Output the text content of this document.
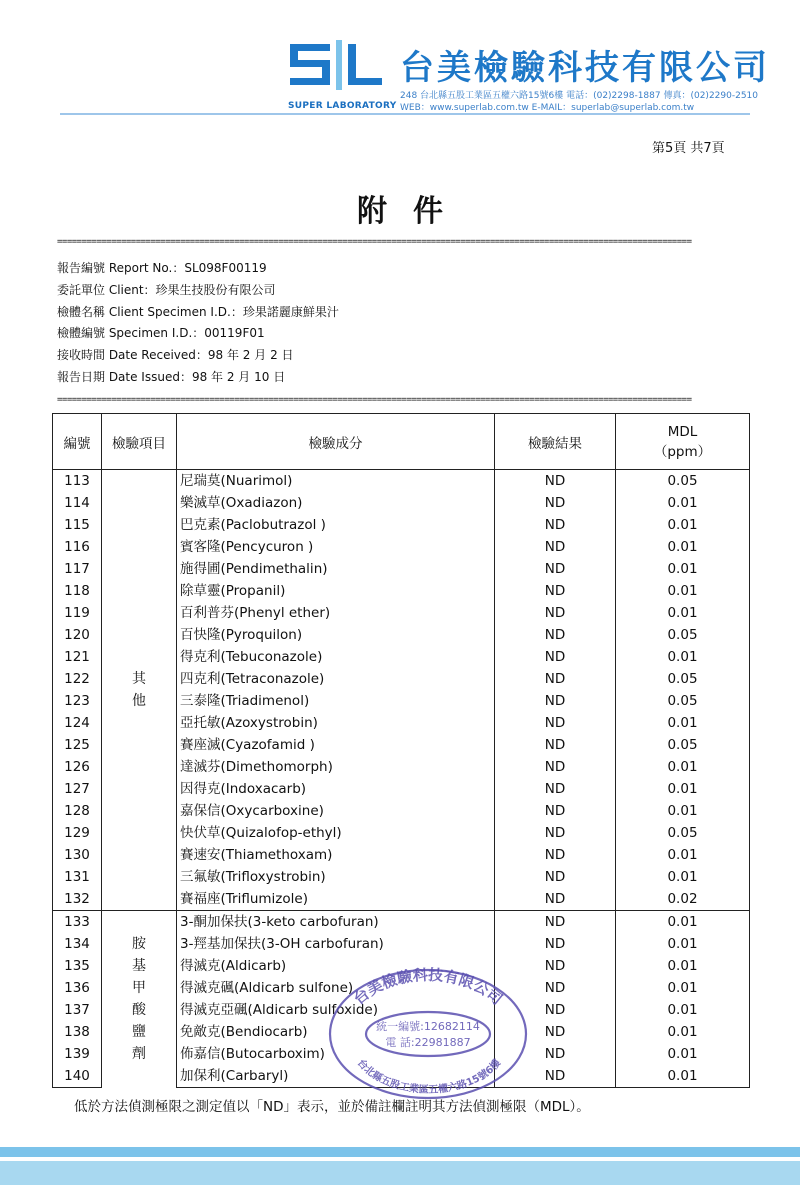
SUPER LABORATORY
台美檢驗科技有限公司
248 台北縣五股工業區五權六路15號6樓 電話：(02)2298-1887 傳真：(02)2290-2510
WEB：www.superlab.com.tw E-MAIL：superlab@superlab.com.tw
第5頁 共7頁
附件
=================================================================================================================================
報告編號 Report No.：SL098F00119
委託單位 Client：珍果生技股份有限公司
檢體名稱 Client Specimen I.D.：珍果諾麗康鮮果汁
檢體編號 Specimen I.D.：00119F01
接收時間 Date Received：98 年 2 月 2 日
報告日期 Date Issued：98 年 2 月 10 日
=================================================================================================================================
編號	檢驗項目	檢驗成分	檢驗結果	MDL
（ppm）

113	其他	尼瑞莫(Nuarimol)	ND	0.05
114		樂滅草(Oxadiazon)	ND	0.01
115		巴克素(Paclobutrazol )	ND	0.01
116		賓客隆(Pencycuron )	ND	0.01
117		施得圃(Pendimethalin)	ND	0.01
118		除草靈(Propanil)	ND	0.01
119		百利普芬(Phenyl ether)	ND	0.01
120		百快隆(Pyroquilon)	ND	0.05
121		得克利(Tebuconazole)	ND	0.01
122		四克利(Tetraconazole)	ND	0.05
123		三泰隆(Triadimenol)	ND	0.05
124		亞托敏(Azoxystrobin)	ND	0.01
125		賽座滅(Cyazofamid )	ND	0.05
126		達滅芬(Dimethomorph)	ND	0.01
127		因得克(Indoxacarb)	ND	0.01
128		嘉保信(Oxycarboxine)	ND	0.01
129		快伏草(Quizalofop-ethyl)	ND	0.05
130		賽速安(Thiamethoxam)	ND	0.01
131		三氟敏(Trifloxystrobin)	ND	0.01
132		賽福座(Triflumizole)	ND	0.02
133	胺基甲酸鹽劑	3-酮加保扶(3-keto carbofuran)	ND	0.01
134		3-羥基加保扶(3-OH carbofuran)	ND	0.01
135		得滅克(Aldicarb)	ND	0.01
136		得滅克碸(Aldicarb sulfone)	ND	0.01
137		得滅克亞碸(Aldicarb sulfoxide)	ND	0.01
138		免敵克(Bendiocarb)	ND	0.01
139		佈嘉信(Butocarboxim)	ND	0.01
140		加保利(Carbaryl)	ND	0.01
台美檢驗科技有限公司
統一編號:12682114
電 話:22981887
台北縣五股工業區五權六路15號6樓
低於方法偵測極限之測定值以「ND」表示，並於備註欄註明其方法偵測極限（MDL）。
